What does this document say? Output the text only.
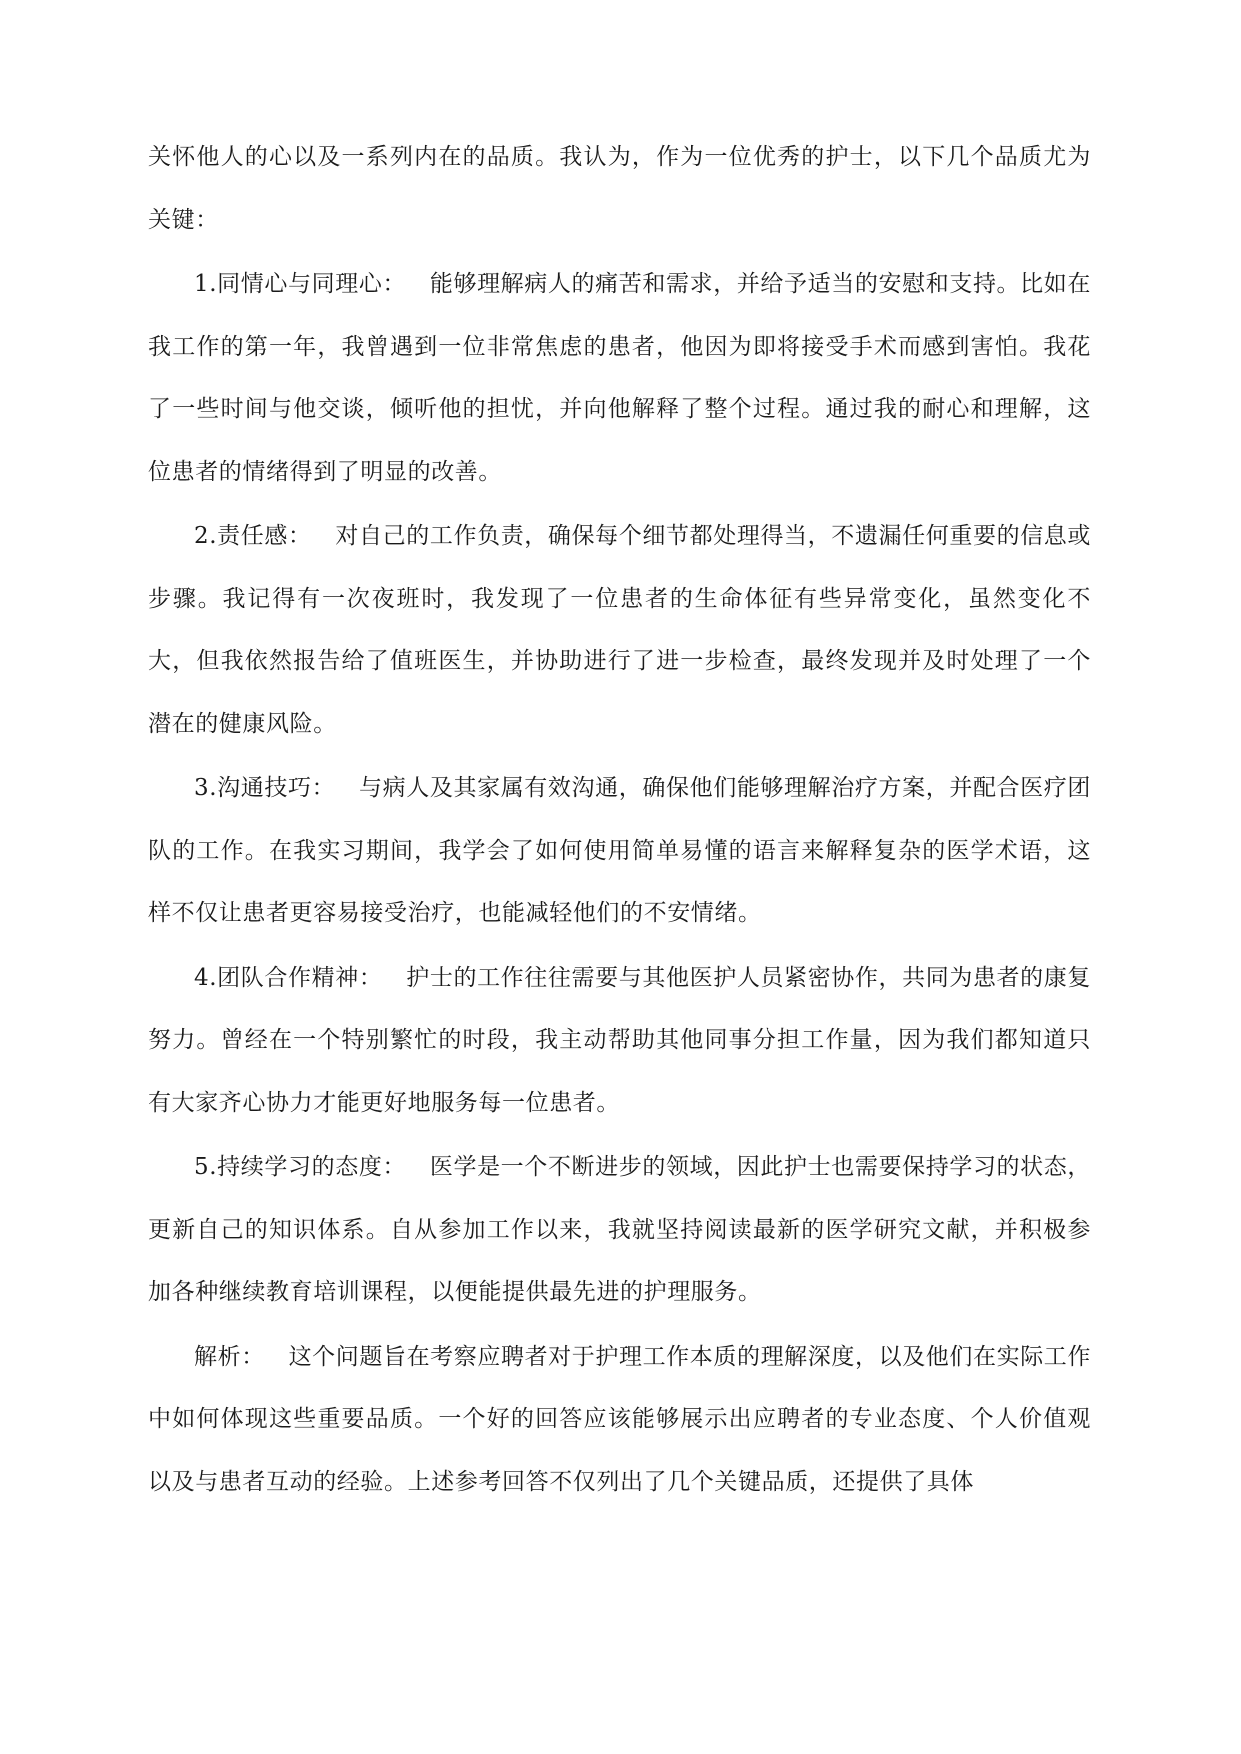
关怀他人的心以及一系列内在的品质。我认为，作为一位优秀的护士，以下几个品质尤为关键：

1.同情心与同理心： 能够理解病人的痛苦和需求，并给予适当的安慰和支持。比如在我工作的第一年，我曾遇到一位非常焦虑的患者，他因为即将接受手术而感到害怕。我花了一些时间与他交谈，倾听他的担忧，并向他解释了整个过程。通过我的耐心和理解，这位患者的情绪得到了明显的改善。

2.责任感： 对自己的工作负责，确保每个细节都处理得当，不遗漏任何重要的信息或步骤。我记得有一次夜班时，我发现了一位患者的生命体征有些异常变化，虽然变化不大，但我依然报告给了值班医生，并协助进行了进一步检查，最终发现并及时处理了一个潜在的健康风险。

3.沟通技巧： 与病人及其家属有效沟通，确保他们能够理解治疗方案，并配合医疗团队的工作。在我实习期间，我学会了如何使用简单易懂的语言来解释复杂的医学术语，这样不仅让患者更容易接受治疗，也能减轻他们的不安情绪。

4.团队合作精神： 护士的工作往往需要与其他医护人员紧密协作，共同为患者的康复努力。曾经在一个特别繁忙的时段，我主动帮助其他同事分担工作量，因为我们都知道只有大家齐心协力才能更好地服务每一位患者。

5.持续学习的态度： 医学是一个不断进步的领域，因此护士也需要保持学习的状态，更新自己的知识体系。自从参加工作以来，我就坚持阅读最新的医学研究文献，并积极参加各种继续教育培训课程，以便能提供最先进的护理服务。

解析： 这个问题旨在考察应聘者对于护理工作本质的理解深度，以及他们在实际工作中如何体现这些重要品质。一个好的回答应该能够展示出应聘者的专业态度、个人价值观以及与患者互动的经验。上述参考回答不仅列出了几个关键品质，还提供了具体
